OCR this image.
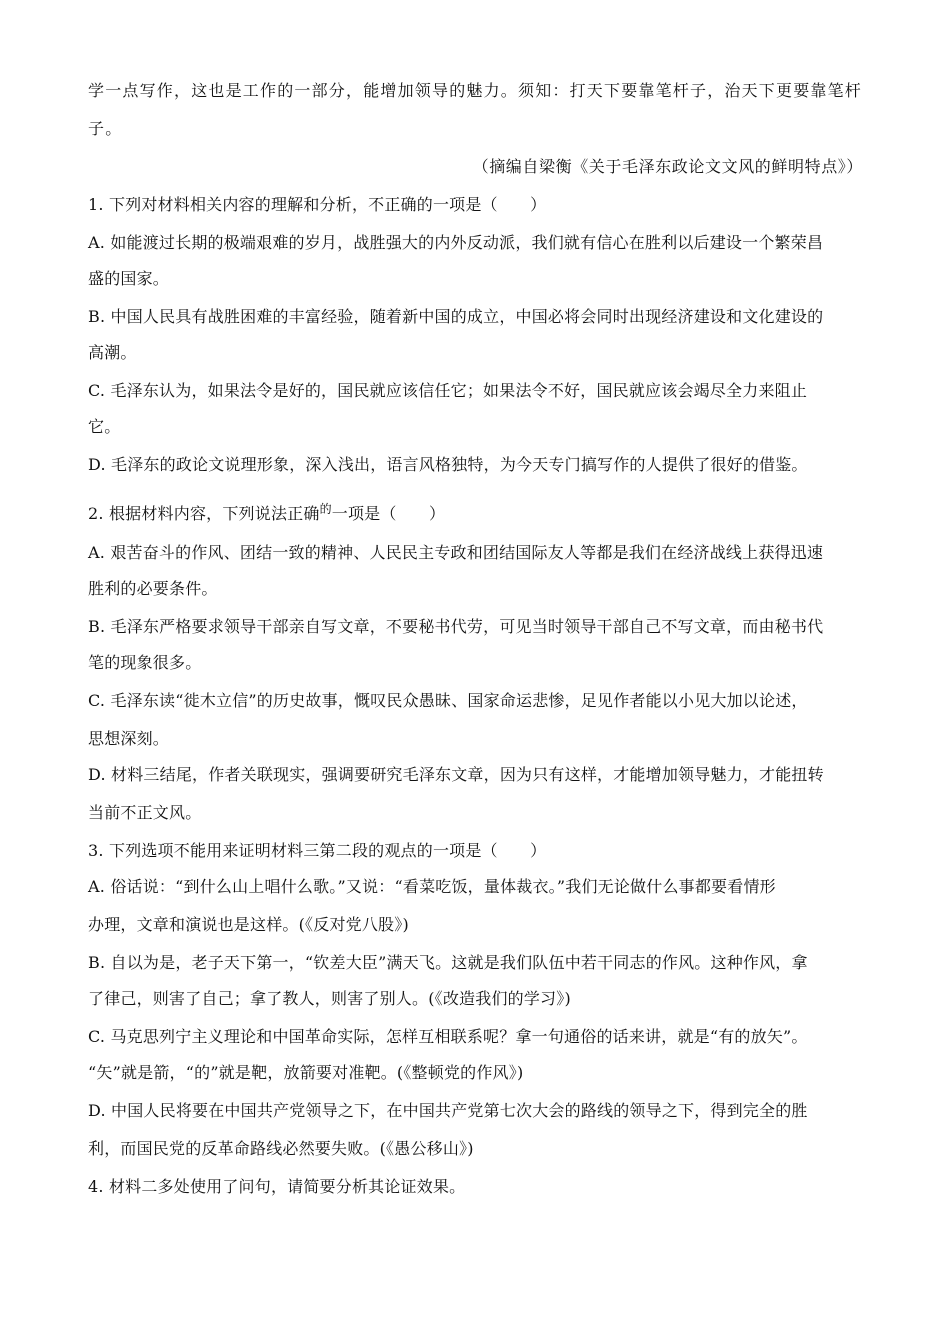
学一点写作，这也是工作的一部分，能增加领导的魅力。须知：打天下要靠笔杆子，治天下更要靠笔杆
子。
（摘编自梁衡《关于毛泽东政论文文风的鲜明特点》）
1. 下列对材料相关内容的理解和分析，不正确的一项是（　　）
A. 如能渡过长期的极端艰难的岁月，战胜强大的内外反动派，我们就有信心在胜利以后建设一个繁荣昌
盛的国家。
B. 中国人民具有战胜困难的丰富经验，随着新中国的成立，中国必将会同时出现经济建设和文化建设的
高潮。
C. 毛泽东认为，如果法令是好的，国民就应该信任它；如果法令不好，国民就应该会竭尽全力来阻止
它。
D. 毛泽东的政论文说理形象，深入浅出，语言风格独特，为今天专门搞写作的人提供了很好的借鉴。
2. 根据材料内容，下列说法正确$^的$一项是（　　）
A. 艰苦奋斗的作风、团结一致的精神、人民民主专政和团结国际友人等都是我们在经济战线上获得迅速
胜利的必要条件。
B. 毛泽东严格要求领导干部亲自写文章，不要秘书代劳，可见当时领导干部自己不写文章，而由秘书代
笔的现象很多。
C. 毛泽东读“徙木立信”的历史故事，慨叹民众愚昧、国家命运悲惨，足见作者能以小见大加以论述，
思想深刻。
D. 材料三结尾，作者关联现实，强调要研究毛泽东文章，因为只有这样，才能增加领导魅力，才能扭转
当前不正文风。
3. 下列选项不能用来证明材料三第二段的观点的一项是（　　）
A. 俗话说：“到什么山上唱什么歌。”又说：“看菜吃饭，量体裁衣。”我们无论做什么事都要看情形
办理，文章和演说也是这样。(《反对党八股》)
B. 自以为是，老子天下第一，“钦差大臣”满天飞。这就是我们队伍中若干同志的作风。这种作风，拿
了律己，则害了自己；拿了教人，则害了别人。(《改造我们的学习》)
C. 马克思列宁主义理论和中国革命实际，怎样互相联系呢？拿一句通俗的话来讲，就是“有的放矢”。
“矢”就是箭，“的”就是靶，放箭要对准靶。(《整顿党的作风》)
D. 中国人民将要在中国共产党领导之下，在中国共产党第七次大会的路线的领导之下，得到完全的胜
利，而国民党的反革命路线必然要失败。(《愚公移山》)
4. 材料二多处使用了问句，请简要分析其论证效果。
